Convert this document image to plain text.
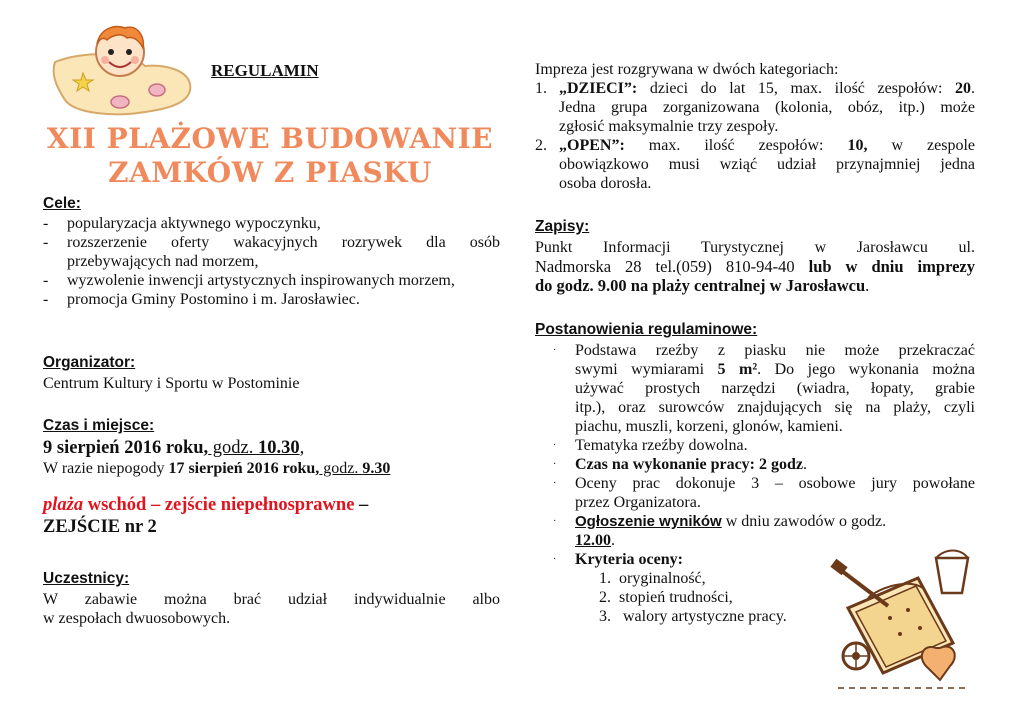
REGULAMIN
XII PLAŻOWE BUDOWANIE
ZAMKÓW Z PIASKU
Cele:
-	popularyzacja aktywnego wypoczynku,
-	rozszerzenie oferty wakacyjnych rozrywek dla osób przebywających nad morzem,
-	wyzwolenie inwencji artystycznych inspirowanych morzem,
-	promocja Gminy Postomino i m. Jarosławiec.
Organizator:
Centrum Kultury i Sportu w Postominie
Czas i miejsce:
9 sierpień 2016 roku, godz. 10.30,
W razie niepogody 17 sierpień 2016 roku, godz. 9.30
plaża wschód – zejście niepełnosprawne –
ZEJŚCIE nr 2
Uczestnicy:
W zabawie można brać udział indywidualnie albo
w zespołach dwuosobowych.
Impreza jest rozgrywana w dwóch kategoriach:
1. „DZIECI”: dzieci do lat 15, max. ilość zespołów: 20.
Jedna grupa zorganizowana (kolonia, obóz, itp.) może
zgłosić maksymalnie trzy zespoły.
2. „OPEN”: max. ilość zespołów: 10, w zespole
obowiązkowo musi wziąć udział przynajmniej jedna
osoba dorosła.
Zapisy:
Punkt Informacji Turystycznej w Jarosławcu ul.
Nadmorska 28 tel.(059) 810-94-40 lub w dniu imprezy
do godz. 9.00 na plaży centralnej w Jarosławcu.
Postanowienia regulaminowe:
·	Podstawa rzeźby z piasku nie może przekraczać
swymi wymiarami 5 m². Do jego wykonania można
używać prostych narzędzi (wiadra, łopaty, grabie
itp.), oraz surowców znajdujących się na plaży, czyli
piachu, muszli, korzeni, glonów, kamieni.
·	Tematyka rzeźby dowolna.
·	Czas na wykonanie pracy: 2 godz.
·	Oceny prac dokonuje 3 – osobowe jury powołane
przez Organizatora.
·	Ogłoszenie wyników w dniu zawodów o godz.
12.00.
·	Kryteria oceny:
1. oryginalność,
2. stopień trudności,
3. walory artystyczne pracy.
